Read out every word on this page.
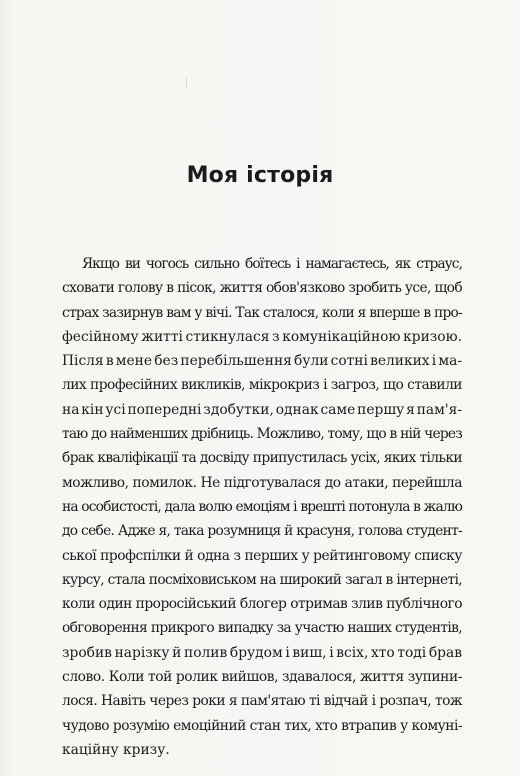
Моя історія
Якщо ви чогось сильно боїтесь і намагаєтесь, як страус,
сховати голову в пісок, життя обов'язково зробить усе, щоб
страх зазирнув вам у вічі. Так сталося, коли я вперше в про-
фесійному житті стикнулася з комунікаційною кризою.
Після в мене без перебільшення були сотні великих і ма-
лих професійних викликів, мікрокриз і загроз, що ставили
на кін усі попередні здобутки, однак саме першу я пам'я-
таю до найменших дрібниць. Можливо, тому, що в ній через
брак кваліфікації та досвіду припустилась усіх, яких тільки
можливо, помилок. Не підготувалася до атаки, перейшла
на особистості, дала волю емоціям і врешті потонула в жалю
до себе. Адже я, така розумниця й красуня, голова студент-
ської профспілки й одна з перших у рейтинговому списку
курсу, стала посміховиськом на широкий загал в інтернеті,
коли один проросійський блогер отримав злив публічного
обговорення прикрого випадку за участю наших студентів,
зробив нарізку й полив брудом і виш, і всіх, хто тоді брав
слово. Коли той ролик вийшов, здавалося, життя зупини-
лося. Навіть через роки я пам'ятаю ті відчай і розпач, тож
чудово розумію емоційний стан тих, хто втрапив у комуні-
каційну кризу.
